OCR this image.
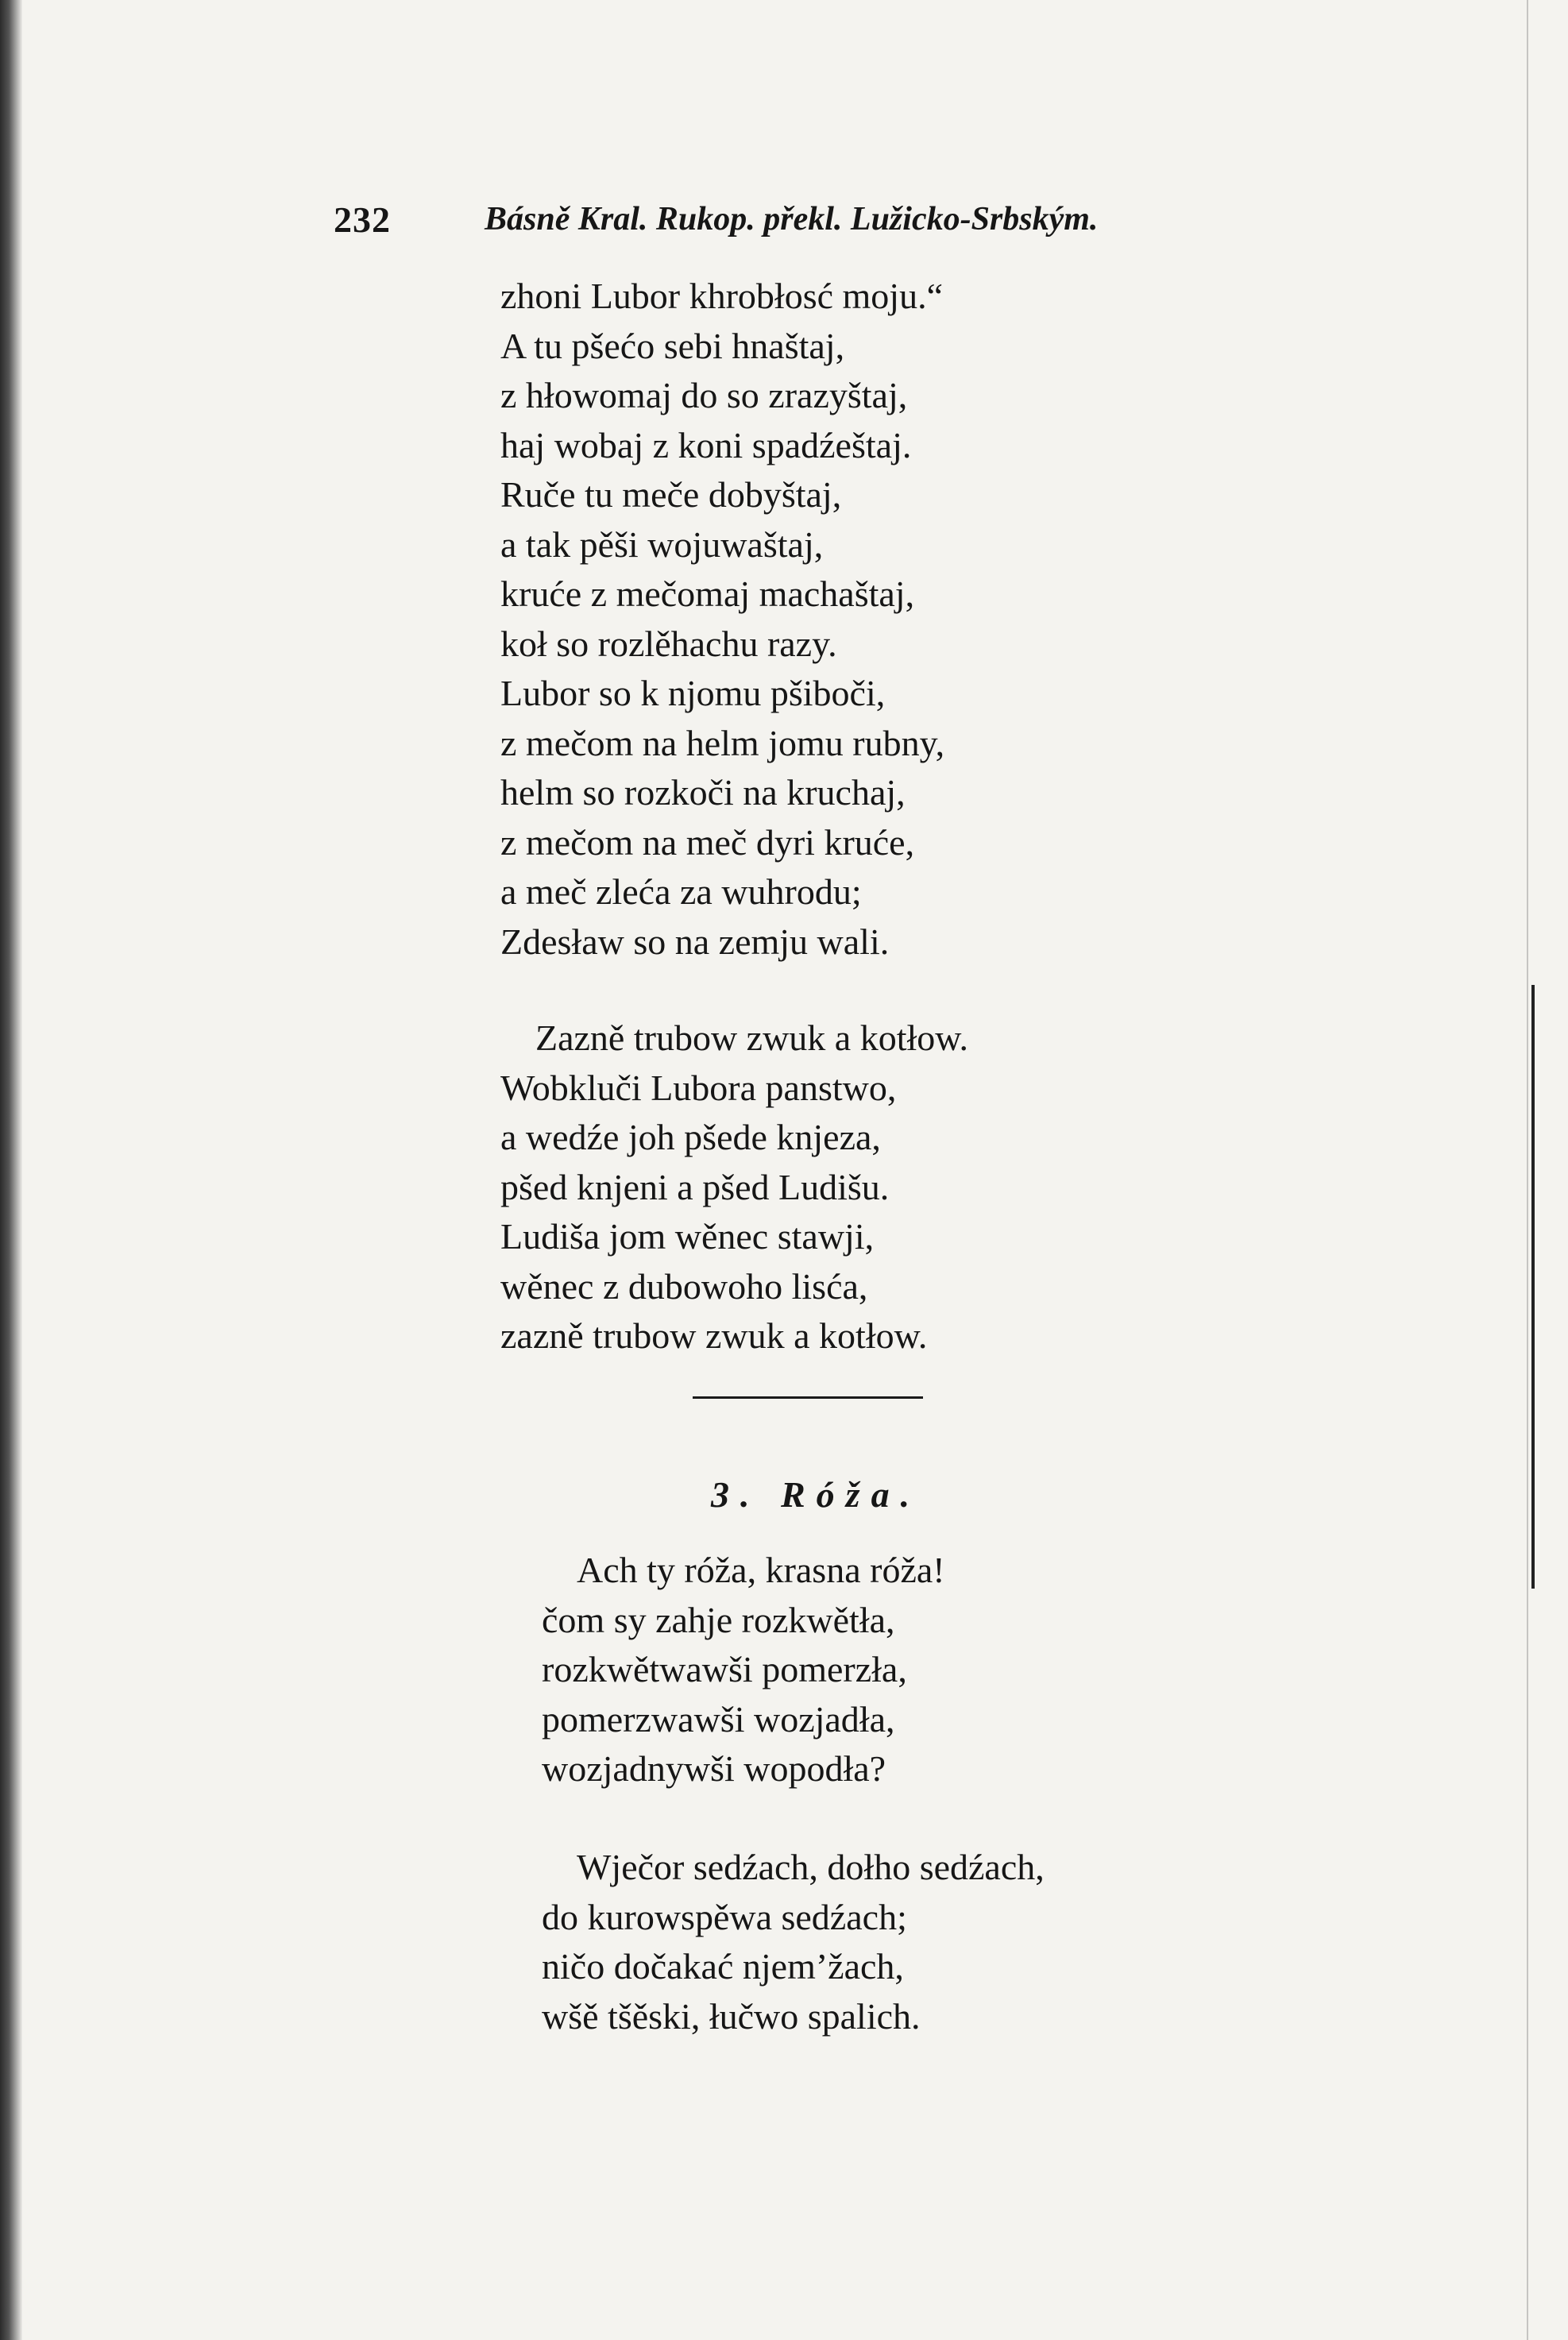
232	Básně Kral. Rukop. překl. Lužicko-Srbským.
zhoni Lubor khrobłosć moju.“
A tu pšećo sebi hnaštaj,
z hłowomaj do so zrazyštaj,
haj wobaj z koni spadźeštaj.
Ruče tu meče dobyštaj,
a tak pěši wojuwaštaj,
kruće z mečomaj machaštaj,
koł so rozlěhachu razy.
Lubor so k njomu pšiboči,
z mečom na helm jomu rubny,
helm so rozkoči na kruchaj,
z mečom na meč dyri kruće,
a meč zleća za wuhrodu;
Zdesław so na zemju wali.
Zazně trubow zwuk a kotłow.
Wobkluči Lubora panstwo,
a wedźe joh pšede knjeza,
pšed knjeni a pšed Ludišu.
Ludiša jom wěnec stawji,
wěnec z dubowoho lisća,
zazně trubow zwuk a kotłow.
3. Róža.
Ach ty róža, krasna róža!
čom sy zahje rozkwětła,
rozkwětwawši pomerzła,
pomerzwawši wozjadła,
wozjadnywši wopodła?
Wječor sedźach, dołho sedźach,
do kurowspěwa sedźach;
ničo dočakać njem’žach,
wšě tšěski, łučwo spalich.
